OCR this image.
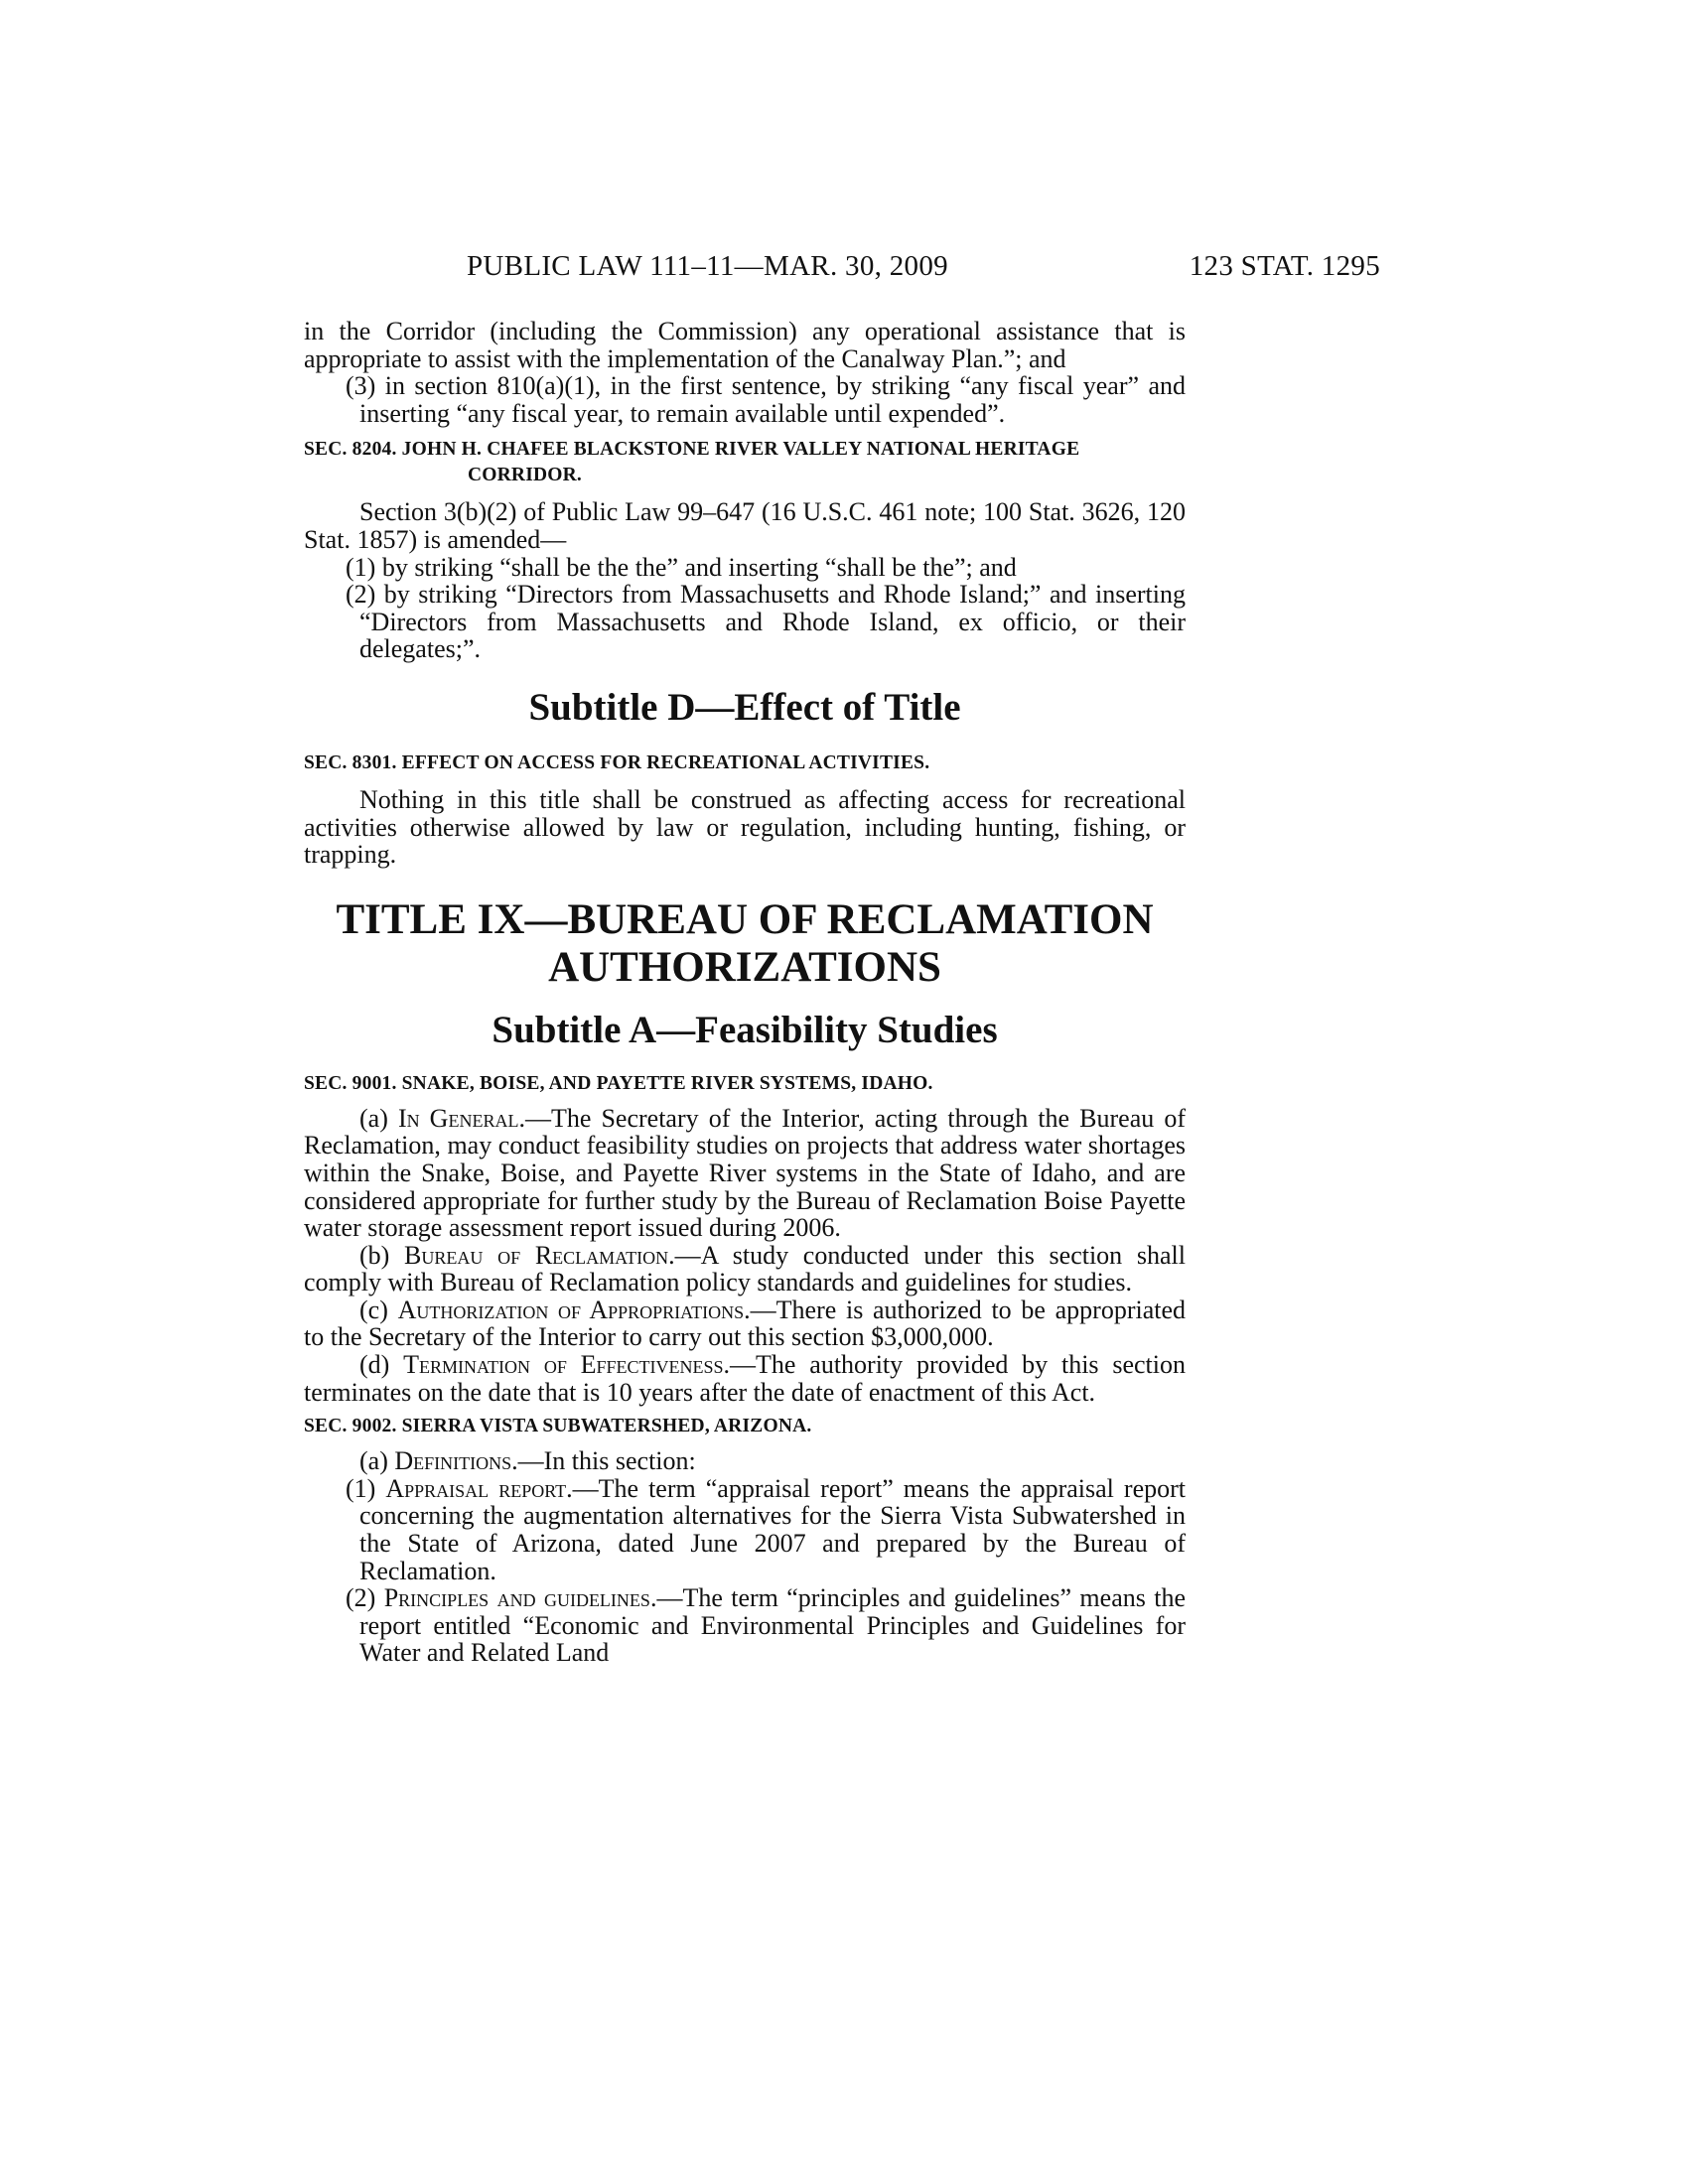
PUBLIC LAW 111–11—MAR. 30, 2009	123 STAT. 1295

in the Corridor (including the Commission) any operational assistance that is appropriate to assist with the implementation of the Canalway Plan.”; and

(3) in section 810(a)(1), in the first sentence, by striking “any fiscal year” and inserting “any fiscal year, to remain available until expended”.

SEC. 8204. JOHN H. CHAFEE BLACKSTONE RIVER VALLEY NATIONAL HERITAGE CORRIDOR.

Section 3(b)(2) of Public Law 99–647 (16 U.S.C. 461 note; 100 Stat. 3626, 120 Stat. 1857) is amended—

(1) by striking “shall be the the” and inserting “shall be the”; and

(2) by striking “Directors from Massachusetts and Rhode Island;” and inserting “Directors from Massachusetts and Rhode Island, ex officio, or their delegates;”.

Subtitle D—Effect of Title

SEC. 8301. EFFECT ON ACCESS FOR RECREATIONAL ACTIVITIES.

Nothing in this title shall be construed as affecting access for recreational activities otherwise allowed by law or regulation, including hunting, fishing, or trapping.

TITLE IX—BUREAU OF RECLAMATION

AUTHORIZATIONS

Subtitle A—Feasibility Studies

SEC. 9001. SNAKE, BOISE, AND PAYETTE RIVER SYSTEMS, IDAHO.

(a) In General.—The Secretary of the Interior, acting through the Bureau of Reclamation, may conduct feasibility studies on projects that address water shortages within the Snake, Boise, and Payette River systems in the State of Idaho, and are considered appropriate for further study by the Bureau of Reclamation Boise Payette water storage assessment report issued during 2006.

(b) Bureau of Reclamation.—A study conducted under this section shall comply with Bureau of Reclamation policy standards and guidelines for studies.

(c) Authorization of Appropriations.—There is authorized to be appropriated to the Secretary of the Interior to carry out this section $3,000,000.

(d) Termination of Effectiveness.—The authority provided by this section terminates on the date that is 10 years after the date of enactment of this Act.

SEC. 9002. SIERRA VISTA SUBWATERSHED, ARIZONA.

(a) Definitions.—In this section:

(1) Appraisal report.—The term “appraisal report” means the appraisal report concerning the augmentation alternatives for the Sierra Vista Subwatershed in the State of Arizona, dated June 2007 and prepared by the Bureau of Reclamation.

(2) Principles and guidelines.—The term “principles and guidelines” means the report entitled “Economic and Environmental Principles and Guidelines for Water and Related Land
